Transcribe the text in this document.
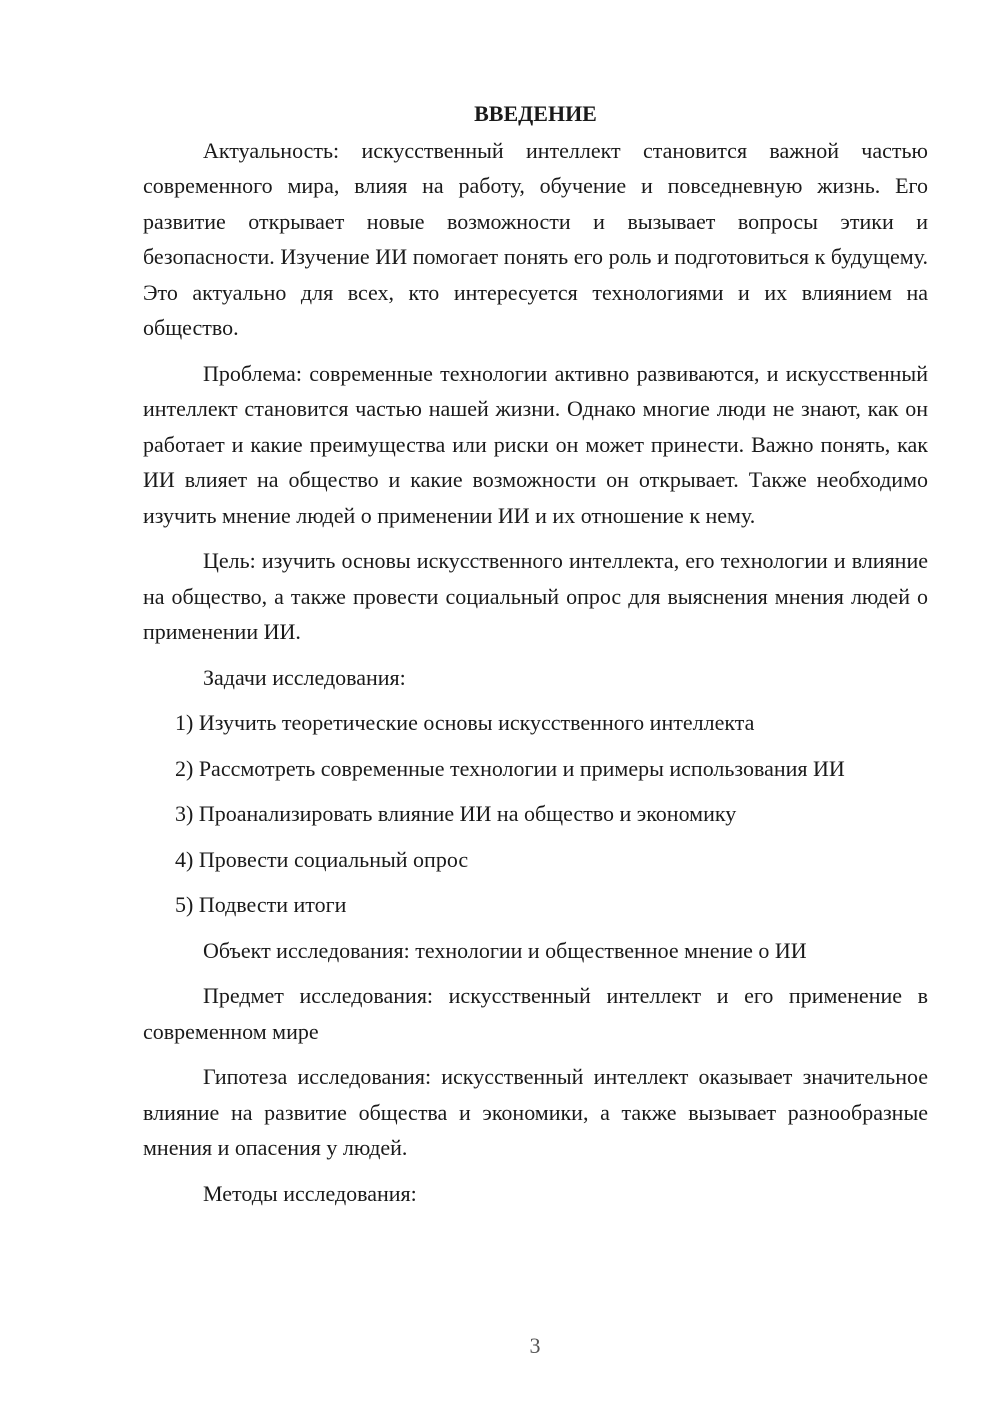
ВВЕДЕНИЕ

Актуальность: искусственный интеллект становится важной частью современного мира, влияя на работу, обучение и повседневную жизнь. Его развитие открывает новые возможности и вызывает вопросы этики и безопасности. Изучение ИИ помогает понять его роль и подготовиться к будущему. Это актуально для всех, кто интересуется технологиями и их влиянием на общество.

Проблема: современные технологии активно развиваются, и искусственный интеллект становится частью нашей жизни. Однако многие люди не знают, как он работает и какие преимущества или риски он может принести. Важно понять, как ИИ влияет на общество и какие возможности он открывает. Также необходимо изучить мнение людей о применении ИИ и их отношение к нему.

Цель: изучить основы искусственного интеллекта, его технологии и влияние на общество, а также провести социальный опрос для выяснения мнения людей о применении ИИ.

Задачи исследования:

1) Изучить теоретические основы искусственного интеллекта

2) Рассмотреть современные технологии и примеры использования ИИ

3) Проанализировать влияние ИИ на общество и экономику

4) Провести социальный опрос

5) Подвести итоги

Объект исследования: технологии и общественное мнение о ИИ

Предмет исследования: искусственный интеллект и его применение в современном мире

Гипотеза исследования: искусственный интеллект оказывает значительное влияние на развитие общества и экономики, а также вызывает разнообразные мнения и опасения у людей.

Методы исследования:

3
